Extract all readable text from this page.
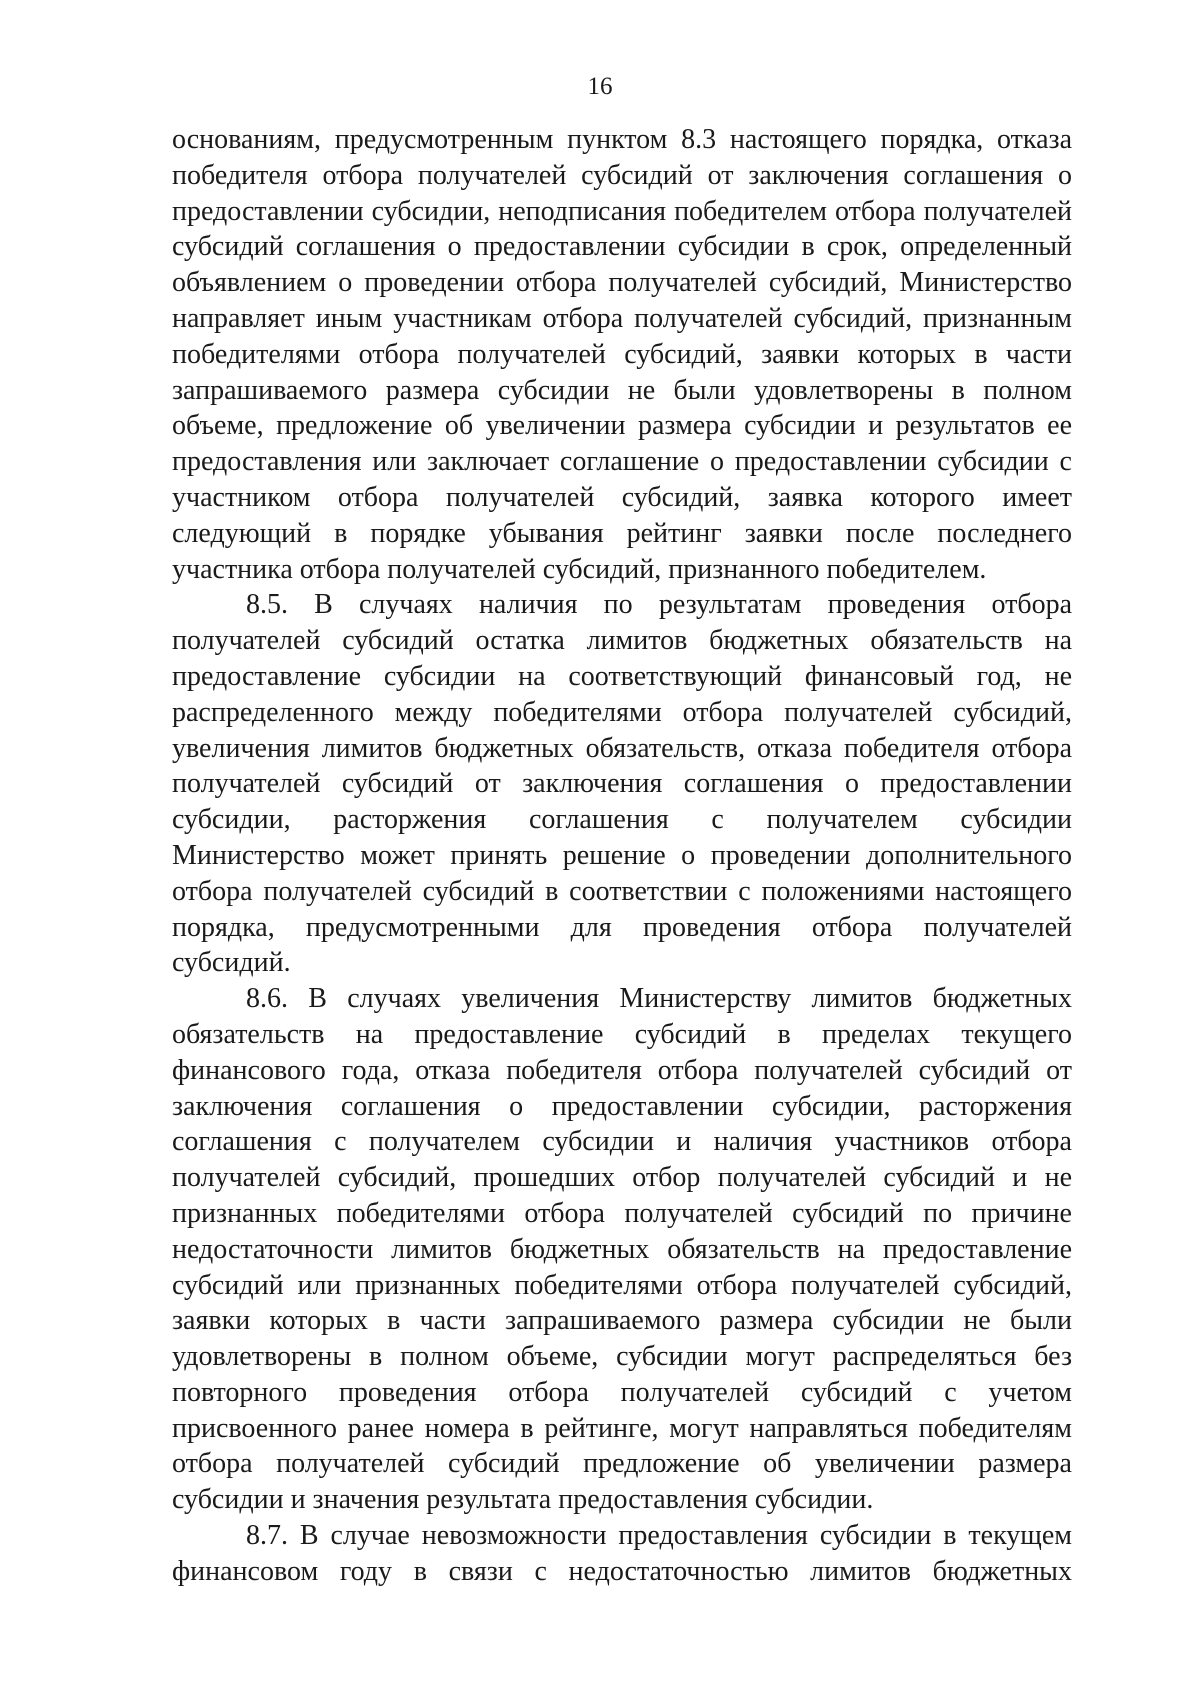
16

основаниям, предусмотренным пунктом 8.3 настоящего порядка, отказа победителя отбора получателей субсидий от заключения соглашения о предоставлении субсидии, неподписания победителем отбора получателей субсидий соглашения о предоставлении субсидии в срок, определенный объявлением о проведении отбора получателей субсидий, Министерство направляет иным участникам отбора получателей субсидий, признанным победителями отбора получателей субсидий, заявки которых в части запрашиваемого размера субсидии не были удовлетворены в полном объеме, предложение об увеличении размера субсидии и результатов ее предоставления или заключает соглашение о предоставлении субсидии с участником отбора получателей субсидий, заявка которого имеет следующий в порядке убывания рейтинг заявки после последнего участника отбора получателей субсидий, признанного победителем.

8.5. В случаях наличия по результатам проведения отбора получателей субсидий остатка лимитов бюджетных обязательств на предоставление субсидии на соответствующий финансовый год, не распределенного между победителями отбора получателей субсидий, увеличения лимитов бюджетных обязательств, отказа победителя отбора получателей субсидий от заключения соглашения о предоставлении субсидии, расторжения соглашения с получателем субсидии Министерство может принять решение о проведении дополнительного отбора получателей субсидий в соответствии с положениями настоящего порядка, предусмотренными для проведения отбора получателей субсидий.

8.6. В случаях увеличения Министерству лимитов бюджетных обязательств на предоставление субсидий в пределах текущего финансового года, отказа победителя отбора получателей субсидий от заключения соглашения о предоставлении субсидии, расторжения соглашения с получателем субсидии и наличия участников отбора получателей субсидий, прошедших отбор получателей субсидий и не признанных победителями отбора получателей субсидий по причине недостаточности лимитов бюджетных обязательств на предоставление субсидий или признанных победителями отбора получателей субсидий, заявки которых в части запрашиваемого размера субсидии не были удовлетворены в полном объеме, субсидии могут распределяться без повторного проведения отбора получателей субсидий с учетом присвоенного ранее номера в рейтинге, могут направляться победителям отбора получателей субсидий предложение об увеличении размера субсидии и значения результата предоставления субсидии.

8.7. В случае невозможности предоставления субсидии в текущем финансовом году в связи с недостаточностью лимитов бюджетных
